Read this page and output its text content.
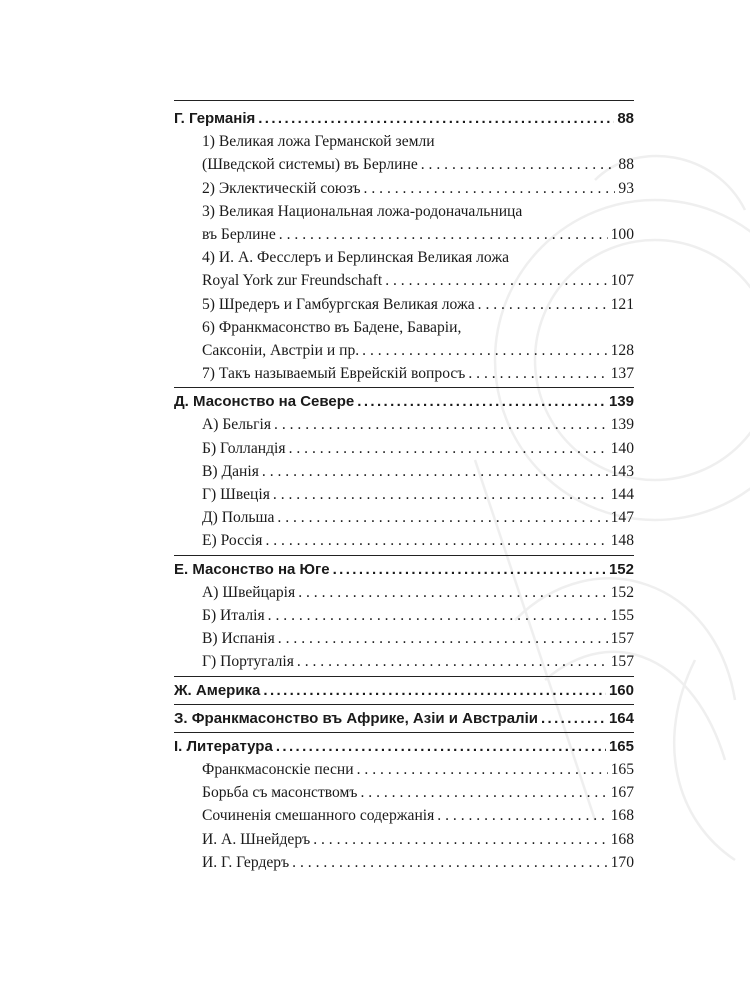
Г. Германія .....	88
1) Великая ложа Германской земли
(Шведской системы) въ Берлине . . .	88
2) Эклектическій союзъ . . .	93
3) Великая Национальная ложа-родоначальница
въ Берлине . . .	100
4) И. А. Фесслеръ и Берлинская Великая ложа
Royal York zur Freundschaft . . .	107
5) Шредеръ и Гамбургская Великая ложа . . .	121
6) Франкмасонство въ Бадене, Баваріи,
Саксоніи, Австріи и пр. . . .	128
7) Такъ называемый Еврейскій вопросъ . . .	137
Д. Масонство на Севере .....	139
А) Бельгія . . .	139
Б) Голландія . . .	140
В) Данія . . .	143
Г) Швеція . . .	144
Д) Польша . . .	147
Е) Россія . . .	148
Е. Масонство на Юге .....	152
А) Швейцарія . . .	152
Б) Италія . . .	155
В) Испанія . . .	157
Г) Португалія . . .	157
Ж. Америка .....	160
З. Франкмасонство въ Африке, Азіи и Австраліи .....	164
І. Литература .....	165
Франкмасонскіе песни . . .	165
Борьба съ масонствомъ . . .	167
Сочиненія смешанного содержанія . . .	168
И. А. Шнейдеръ . . .	168
И. Г. Гердеръ . . .	170
